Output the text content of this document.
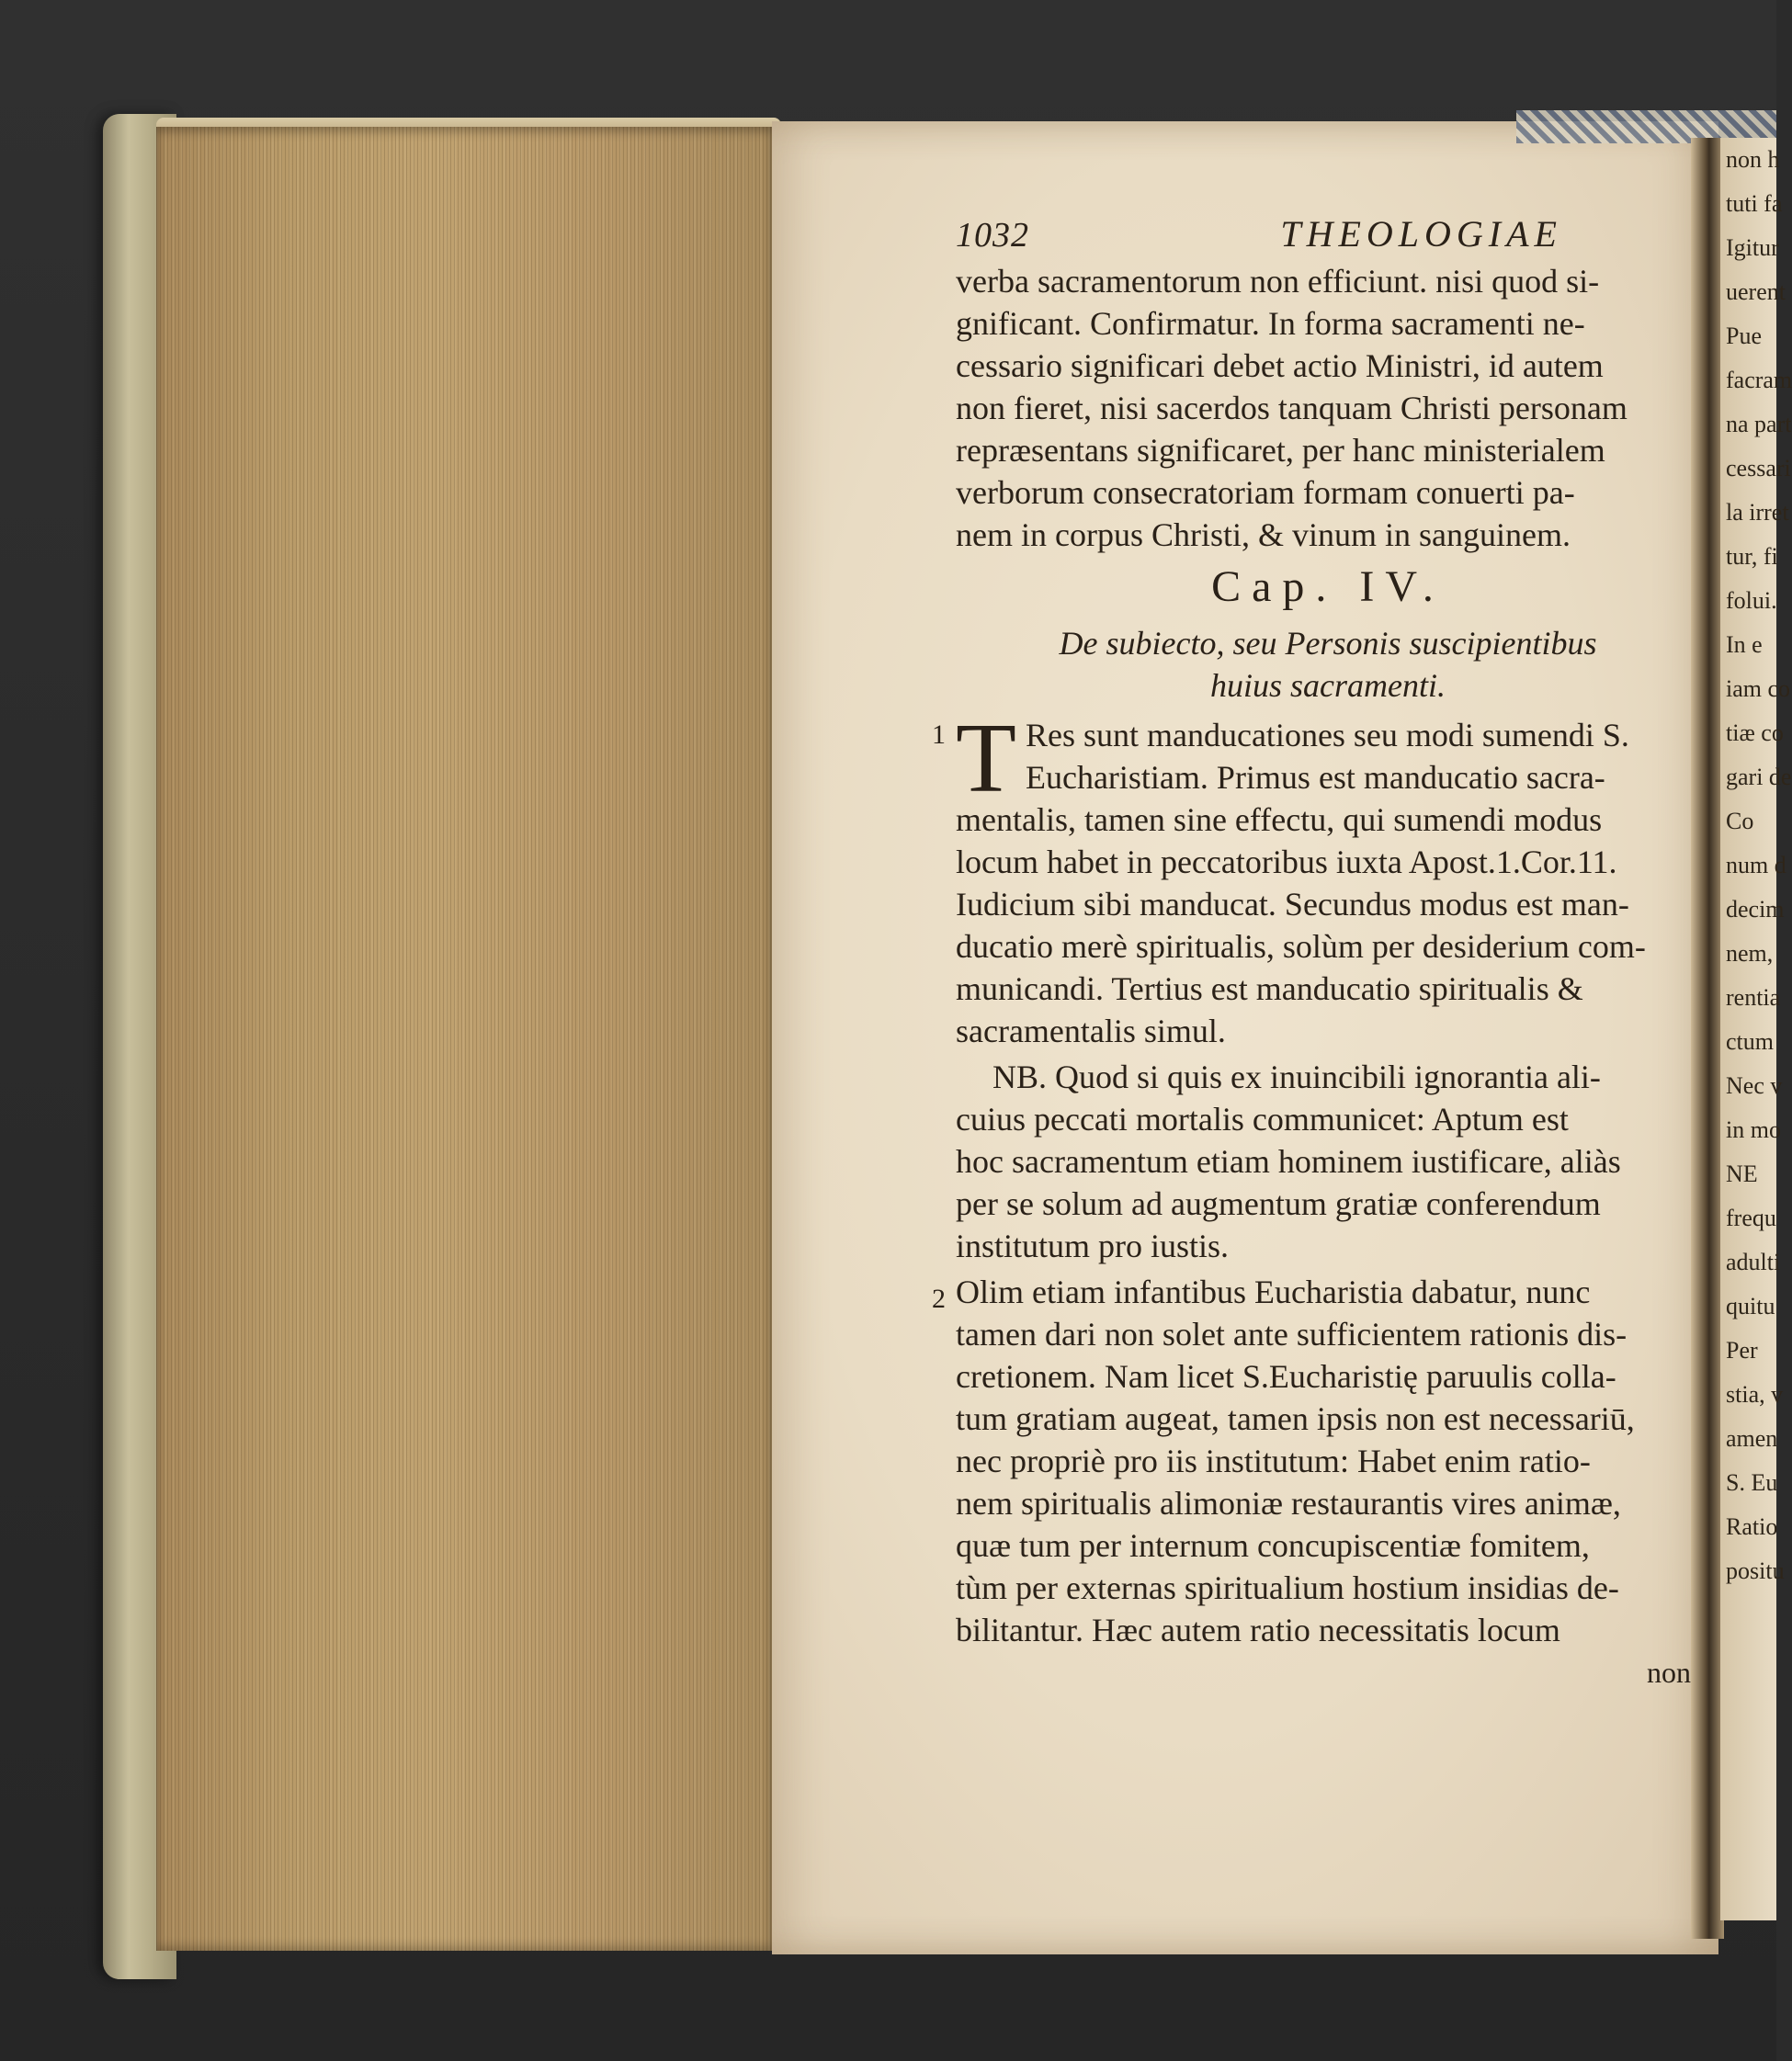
non h
tuti fa
Igitur
uerent
Pue
facram
na part
cessari
la irret
tur, fi
folui.
In e
iam co
tiæ co
gari de
Co
num d
decim
nem,
rentia
ctum
Nec v
in mo
NE
frequ
adulti
quitu
Per
stia, v
amen
S. Eu
Ratio
positu
1032	THEOLOGIAE
verba sacramentorum non efficiunt. nisi quod si-
gnificant. Confirmatur. In forma sacramenti ne-
cessario significari debet actio Ministri, id autem
non fieret, nisi sacerdos tanquam Christi personam
repræsentans significaret, per hanc ministerialem
verborum consecratoriam formam conuerti pa-
nem in corpus Christi, & vinum in sanguinem.
Cap. IV.
De subiecto, seu Personis suscipientibus
huius sacramenti.
1 T Res sunt manducationes seu modi sumendi S.
Eucharistiam. Primus est manducatio sacra-
mentalis, tamen sine effectu, qui sumendi modus
locum habet in peccatoribus iuxta Apost.1.Cor.11.
Iudicium sibi manducat. Secundus modus est man-
ducatio merè spiritualis, solùm per desiderium com-
municandi. Tertius est manducatio spiritualis &
sacramentalis simul.
NB. Quod si quis ex inuincibili ignorantia ali-
cuius peccati mortalis communicet: Aptum est
hoc sacramentum etiam hominem iustificare, aliàs
per se solum ad augmentum gratiæ conferendum
institutum pro iustis.
2 Olim etiam infantibus Eucharistia dabatur, nunc
tamen dari non solet ante sufficientem rationis dis-
cretionem. Nam licet S.Eucharistię paruulis colla-
tum gratiam augeat, tamen ipsis non est necessariū,
nec propriè pro iis institutum: Habet enim ratio-
nem spiritualis alimoniæ restaurantis vires animæ,
quæ tum per internum concupiscentiæ fomitem,
tùm per externas spiritualium hostium insidias de-
bilitantur. Hæc autem ratio necessitatis locum
non
